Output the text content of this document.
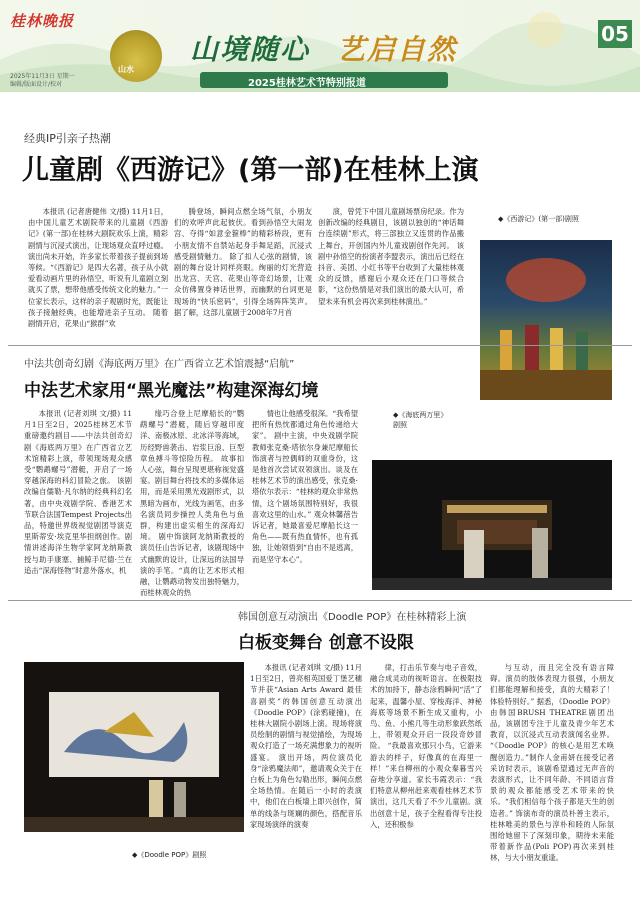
桂林晚报
2025年11月3日 星期一
编辑/版面设计/校对
山水
山境随心 艺启自然
2025桂林艺术节特别报道
05
经典IP引亲子热潮
儿童剧《西游记》(第一部)在桂林上演

本报讯 (记者唐健伟 文/摄) 11月1日，由中国儿童艺术剧院带来的儿童剧《西游记》(第一部)在桂林大剧院欢乐上演，精彩剧情与沉浸式演出，让现场观众直呼过瘾。 演出尚未开始，许多家长带着孩子提前到场等候。“《西游记》是四大名著，孩子从小就爱看动画片里的孙悟空，听说有儿童剧立刻就买了票，想带他感受传统文化的魅力。”一位家长表示，这样的亲子观剧时光，既能让孩子接触经典，也能增进亲子互动。 随着剧情开启，花果山“猴群”欢

腾登场，瞬间点燃全场气氛，小朋友们的欢呼声此起彼伏。看到孙悟空大闹龙宫、夺得“如意金箍棒”的精彩桥段，更有小朋友情不自禁站起身手舞足蹈，沉浸式感受剧情魅力。 除了扣人心弦的剧情，该剧的舞台设计同样亮眼。绚丽的灯光营造出龙宫、天宫、花果山等奇幻场景，让观众仿佛置身神话世界，而幽默的台词更是现场的“快乐密码”，引得全场阵阵笑声。 据了解，这部儿童剧于2008年7月首

演，曾凭下中国儿童剧场票房纪录。作为创新改编的经典剧目，该剧以独创的“神话舞台连续剧”形式，将三部独立又连贯的作品搬上舞台，开创国内外儿童戏剧创作先河。 该剧中孙悟空的扮演者李盟表示，演出后已经在抖音、美团、小红书等平台收到了大量桂林观众的反馈，感谢后小观众还在门口等候合影，“这份热情是对我们演出的最大认可，希望未来有机会再次来到桂林演出。”

◆《西游记》(第一部)剧照
中法共创奇幻剧《海底两万里》在广西省立艺术馆震撼“启航”
中法艺术家用“黑光魔法”构建深海幻境

本报讯 (记者刘琪 文/摄) 11月1日至2日，2025桂林艺术节重磅邀约剧目——中法共创奇幻剧《海底两万里》在广西省立艺术馆精彩上演，带领现场观众感受“鹦鹉螺号”潜艇，开启了一场穿越深海的科幻冒险之旅。 该剧改编自儒勒·凡尔纳的经典科幻名著，由中央戏剧学院、香港艺术节联合法国Tempest Projects出品，特邀世界级视觉剧团导演克里斯蒂安·埃克里华担纲创作。剧情讲述海洋生物学家阿龙纳斯教授与助手康塞、捕鲸手尼德·兰在追击“深海怪物”时意外落水，机

缘巧合登上尼摩船长的“鹦鹉螺号”潜艇，随后穿越印度洋、南极冰原、北冰洋等海域，历经野兽袭击、岩浆巨浪、巨型章鱼搏斗等惊险历程。 故事扣人心弦，舞台呈现更堪称视觉盛宴。剧目舞台将技术的多媒体运用，而是采用黑光戏剧形式，以黑暗为画布，光线为画笔，由多名演员同步操控人类角色与鱼群，构建出虚实相生的深海幻境。 剧中饰演阿龙纳斯教授的演员任山告诉记者，该剧现场中式幽默的设计，让深远的法国导演的手笔。“真的让艺术形式相融，让鹦鹉动物发出独特魅力，而桂林观众的热

情也让他感受很深。“我希望把所有热忱都通过角色传递给大家”。 剧中主演，中央戏剧学院教师张克桑·塔依尔身兼尼摩船长饰演者与控偶师的双重身份，这是他首次尝试双领演出。谈及在桂林艺术节的演出感受，张克桑·塔依尔表示：“桂林的观众非常热情，这个剧场氛围特别好，我很喜欢这里的山水。” 观众林馨蓓告诉记者，她最喜爱尼摩船长这一角色——既有热血情怀，也有孤独，让她领悟到“自由不是逃离，而是坚守本心”。

◆《海底两万里》剧照
韩国创意互动演出《Doodle POP》在桂林精彩上演
白板变舞台 创意不设限
◆《Doodle POP》剧照

本报讯 (记者刘琪 文/摄) 11月1日至2日，曾亮相英国爱丁堡艺穗节并获“Asian Arts Award 最佳喜剧奖”的韩国创意互动演出《Doodle POP》(涂鸦碰撞)，在桂林大剧院小剧场上演。现场将演员绘制的剧情与视觉描绘，为现场观众打造了一场充满想象力的视听盛宴。 演出开场，两位演员化身“涂鸦魔法师”，邀请观众关于在白板上为角色勾勒出形，瞬间点燃全场热情。在随后一小时的表演中，他们在白板墙上即兴创作，简单的线条与斑斓的颜色，搭配音乐家现场演绎的演奏

律，打击乐节奏与电子音效，融合成灵动的视听语言。在极限技术的加持下，静态涂鸦瞬间“活”了起来，温馨小屋、穿梭海洋、神秘海底等场景不断生成又重构，小鸟、鱼、小熊几等生动形象跃然纸上，带领观众开启一段段奇妙冒险。 “我最喜欢那只小鸟，它游来游去的样子，好像真的在海里一样！”来自柳州的小观众秦暮雪兴奋地分享道。家长韦霞表示：“我们特意从柳州赶来观看桂林艺术节演出，这几天看了不少儿童剧。演出创意十足，孩子全程看得专注投入，还积极参

与互动，而且完全没有语言障碍。演员的肢体表现力很强，小朋友们都能理解和接受，真的大精彩了！体验特别好。” 据悉，《Doodle POP》由韩国BRUSH THEATRE剧团出品，该剧团专注于儿童及青少年艺术教育，以沉浸式互动表演闻名业界。 “《Doodle POP》的核心是用艺术唤醒创造力。”制作人金甫妍在接受记者采访时表示，该剧希望通过无声音的表演形式，让不同年龄、不同语言背景的观众都能感受艺术带来的快乐。“我们相信每个孩子都是天生的创造者。” 饰演布奇的演员朴善主表示，桂林唯美的景色与淳朴和睦的人际氛围给她留下了深刻印象，期待未来能带着新作品(Poli POP)再次来到桂林，与大小朋友重逢。
